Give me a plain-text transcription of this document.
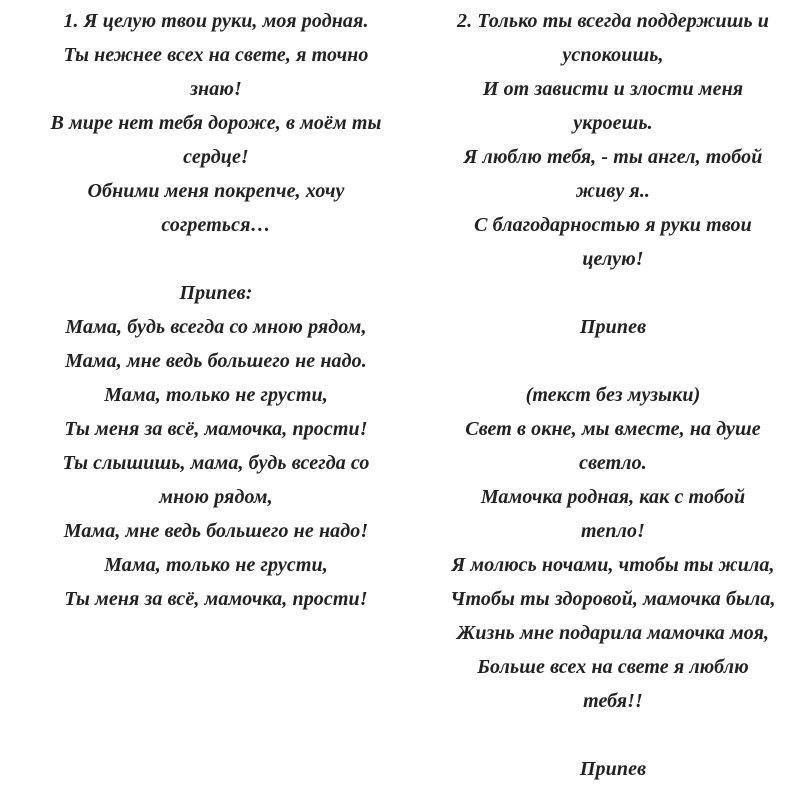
1. Я целую твои руки, моя родная.
Ты нежнее всех на свете, я точно
знаю!
В мире нет тебя дороже, в моём ты
сердце!
Обними меня покрепче, хочу
согреться…
Припев:
Мама, будь всегда со мною рядом,
Мама, мне ведь большего не надо.
Мама, только не грусти,
Ты меня за всё, мамочка, прости!
Ты слышишь, мама, будь всегда со
мною рядом,
Мама, мне ведь большего не надо!
Мама, только не грусти,
Ты меня за всё, мамочка, прости!
2. Только ты всегда поддержишь и
успокоишь,
И от зависти и злости меня
укроешь.
Я люблю тебя, - ты ангел, тобой
живу я..
С благодарностью я руки твои
целую!
Припев
(текст без музыки)
Свет в окне, мы вместе, на душе
светло.
Мамочка родная, как с тобой
тепло!
Я молюсь ночами, чтобы ты жила,
Чтобы ты здоровой, мамочка была,
Жизнь мне подарила мамочка моя,
Больше всех на свете я люблю
тебя!!
Припев
